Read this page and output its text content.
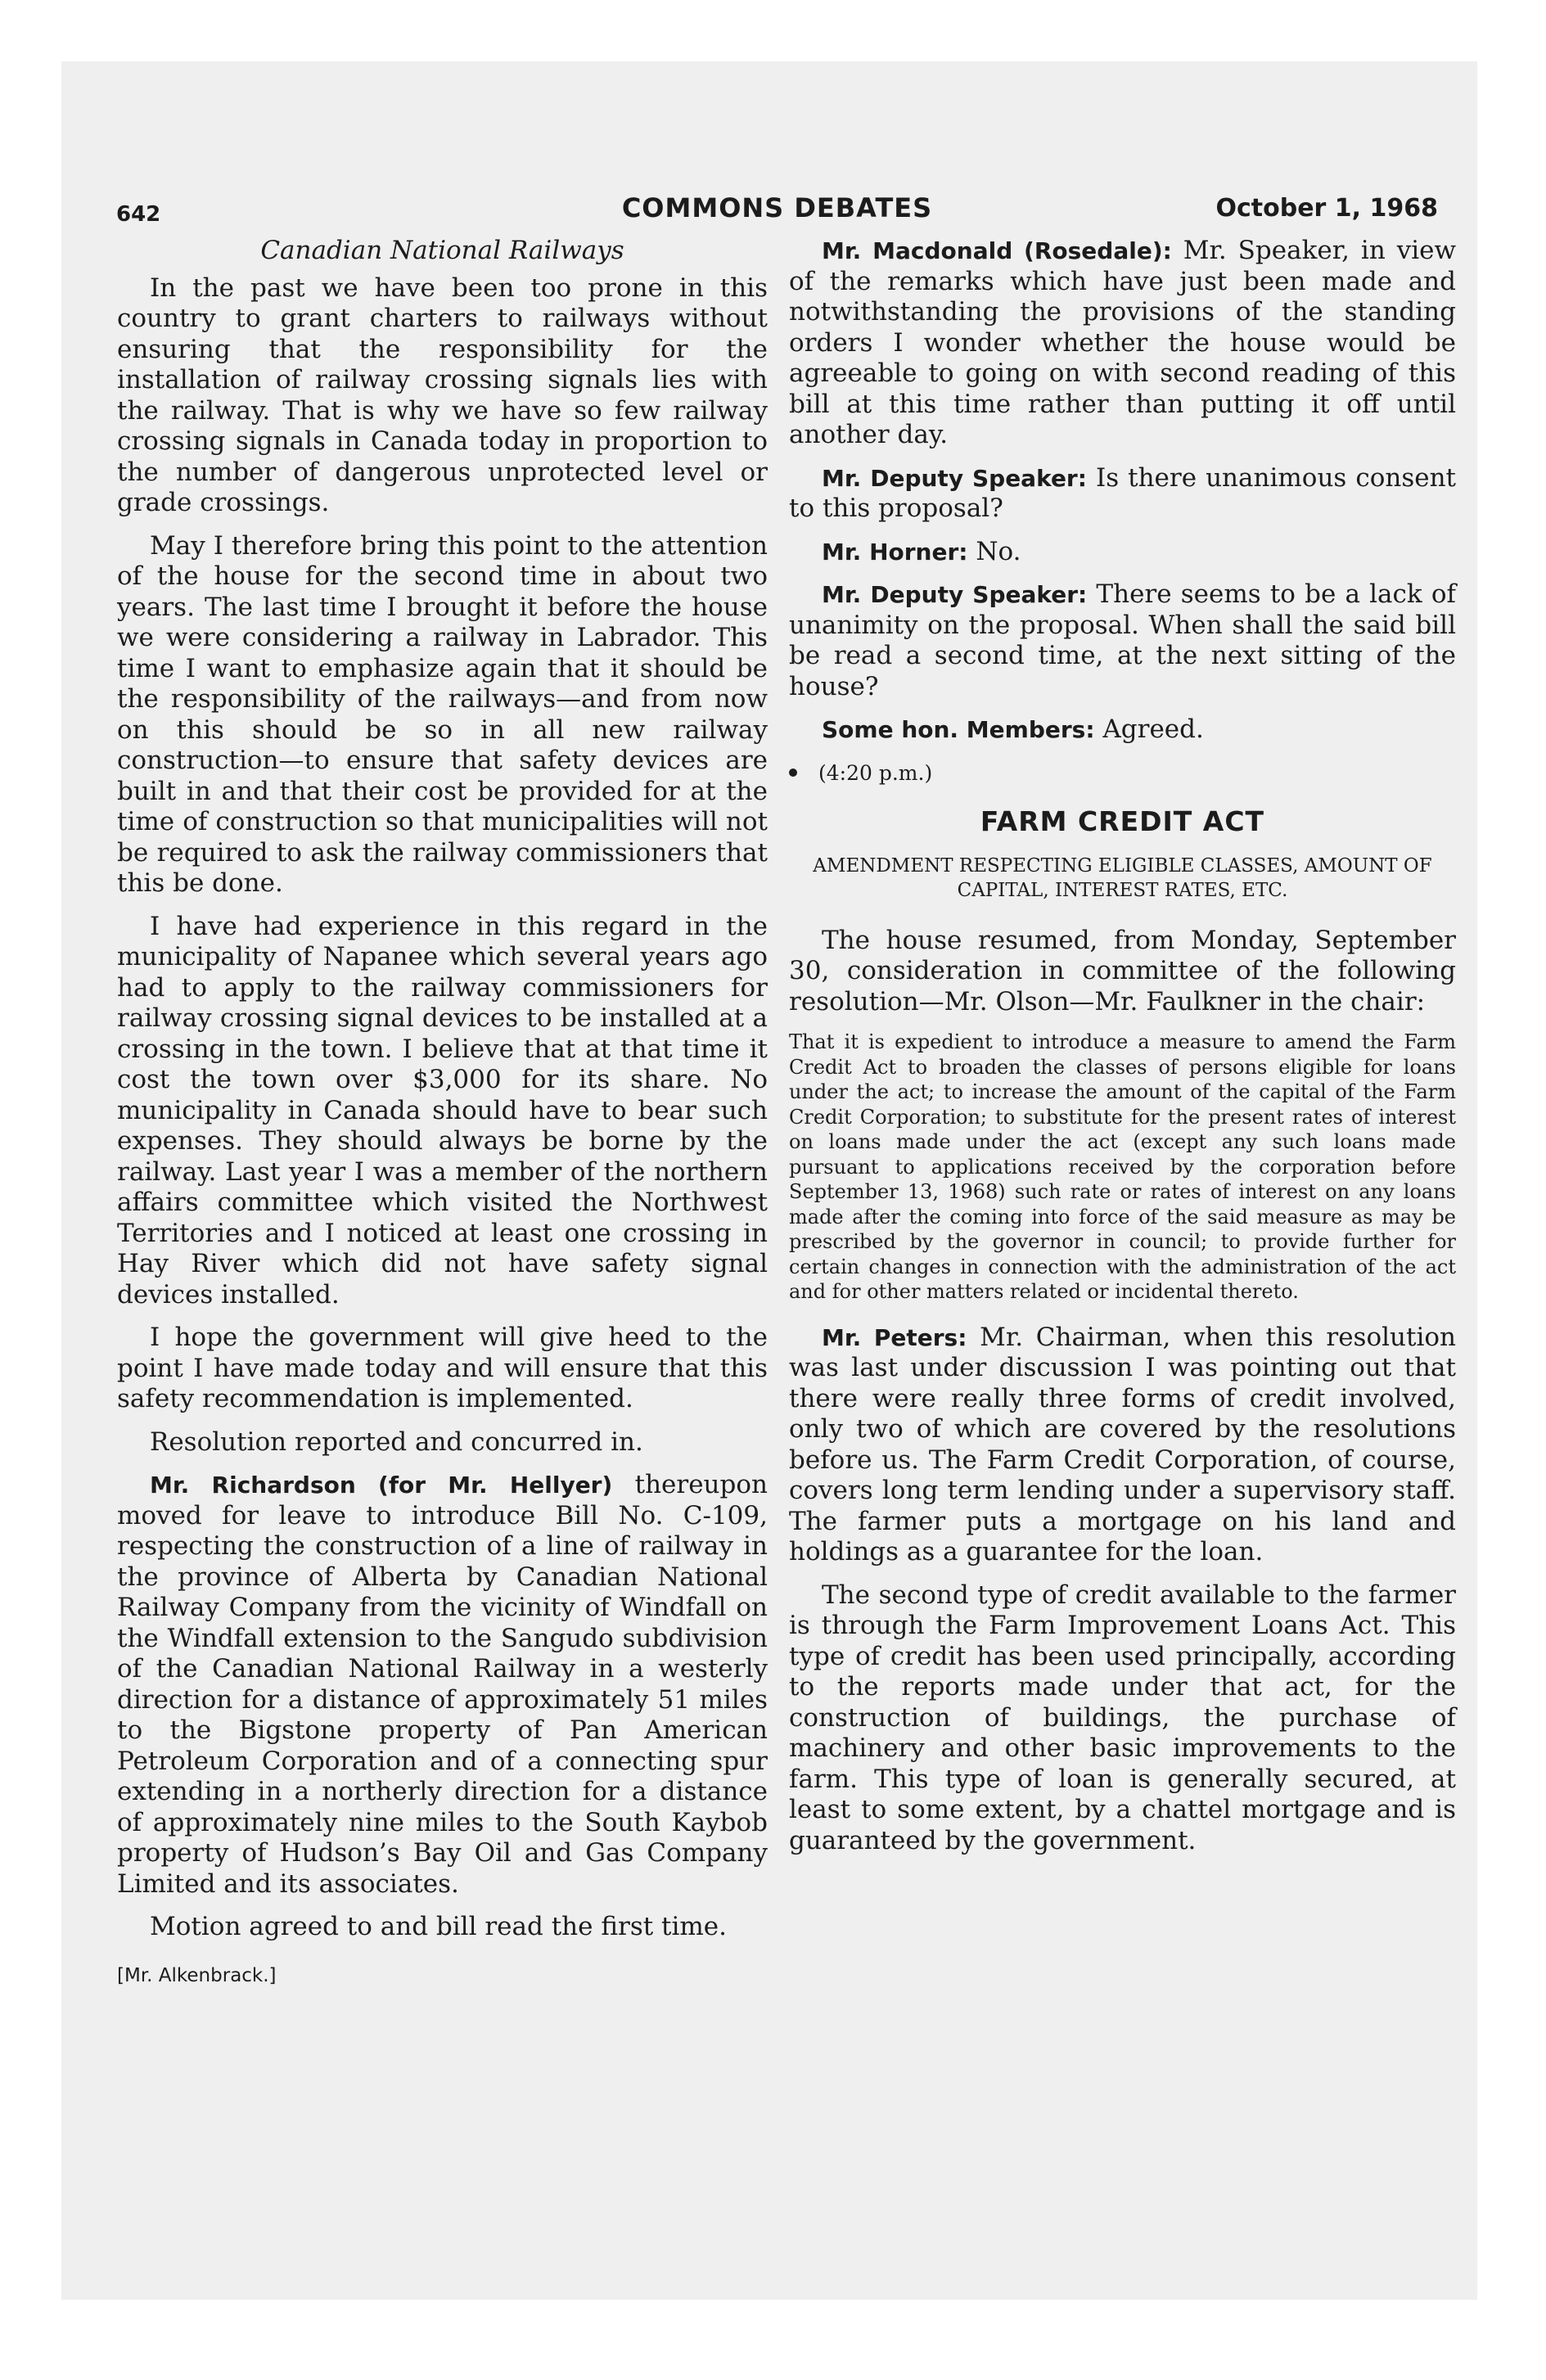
642	COMMONS DEBATES	October 1, 1968
Canadian National Railways

In the past we have been too prone in this country to grant charters to railways without ensuring that the responsibility for the installation of railway crossing signals lies with the railway. That is why we have so few railway crossing signals in Canada today in proportion to the number of dangerous unprotected level or grade crossings.

May I therefore bring this point to the attention of the house for the second time in about two years. The last time I brought it before the house we were considering a railway in Labrador. This time I want to emphasize again that it should be the responsibility of the railways—and from now on this should be so in all new railway construction—to ensure that safety devices are built in and that their cost be provided for at the time of construction so that municipalities will not be required to ask the railway commissioners that this be done.

I have had experience in this regard in the municipality of Napanee which several years ago had to apply to the railway commissioners for railway crossing signal devices to be installed at a crossing in the town. I believe that at that time it cost the town over $3,000 for its share. No municipality in Canada should have to bear such expenses. They should always be borne by the railway. Last year I was a member of the northern affairs committee which visited the Northwest Territories and I noticed at least one crossing in Hay River which did not have safety signal devices installed.

I hope the government will give heed to the point I have made today and will ensure that this safety recommendation is implemented.

Resolution reported and concurred in.

Mr. Richardson (for Mr. Hellyer) thereupon moved for leave to introduce Bill No. C-109, respecting the construction of a line of railway in the province of Alberta by Canadian National Railway Company from the vicinity of Windfall on the Windfall extension to the Sangudo subdivision of the Canadian National Railway in a westerly direction for a distance of approximately 51 miles to the Bigstone property of Pan American Petroleum Corporation and of a connecting spur extending in a northerly direction for a distance of approximately nine miles to the South Kaybob property of Hudson’s Bay Oil and Gas Company Limited and its associates.

Motion agreed to and bill read the first time.

[Mr. Alkenbrack.]

Mr. Macdonald (Rosedale): Mr. Speaker, in view of the remarks which have just been made and notwithstanding the provisions of the standing orders I wonder whether the house would be agreeable to going on with second reading of this bill at this time rather than putting it off until another day.

Mr. Deputy Speaker: Is there unanimous consent to this proposal?

Mr. Horner: No.

Mr. Deputy Speaker: There seems to be a lack of unanimity on the proposal. When shall the said bill be read a second time, at the next sitting of the house?

Some hon. Members: Agreed.

(4:20 p.m.)

FARM CREDIT ACT
AMENDMENT RESPECTING ELIGIBLE CLASSES, AMOUNT OF CAPITAL, INTEREST RATES, ETC.

The house resumed, from Monday, September 30, consideration in committee of the following resolution—Mr. Olson—Mr. Faulkner in the chair:

That it is expedient to introduce a measure to amend the Farm Credit Act to broaden the classes of persons eligible for loans under the act; to increase the amount of the capital of the Farm Credit Corporation; to substitute for the present rates of interest on loans made under the act (except any such loans made pursuant to applications received by the corporation before September 13, 1968) such rate or rates of interest on any loans made after the coming into force of the said measure as may be prescribed by the governor in council; to provide further for certain changes in connection with the administration of the act and for other matters related or incidental thereto.

Mr. Peters: Mr. Chairman, when this resolution was last under discussion I was pointing out that there were really three forms of credit involved, only two of which are covered by the resolutions before us. The Farm Credit Corporation, of course, covers long term lending under a supervisory staff. The farmer puts a mortgage on his land and holdings as a guarantee for the loan.

The second type of credit available to the farmer is through the Farm Improvement Loans Act. This type of credit has been used principally, according to the reports made under that act, for the construction of buildings, the purchase of machinery and other basic improvements to the farm. This type of loan is generally secured, at least to some extent, by a chattel mortgage and is guaranteed by the government.
